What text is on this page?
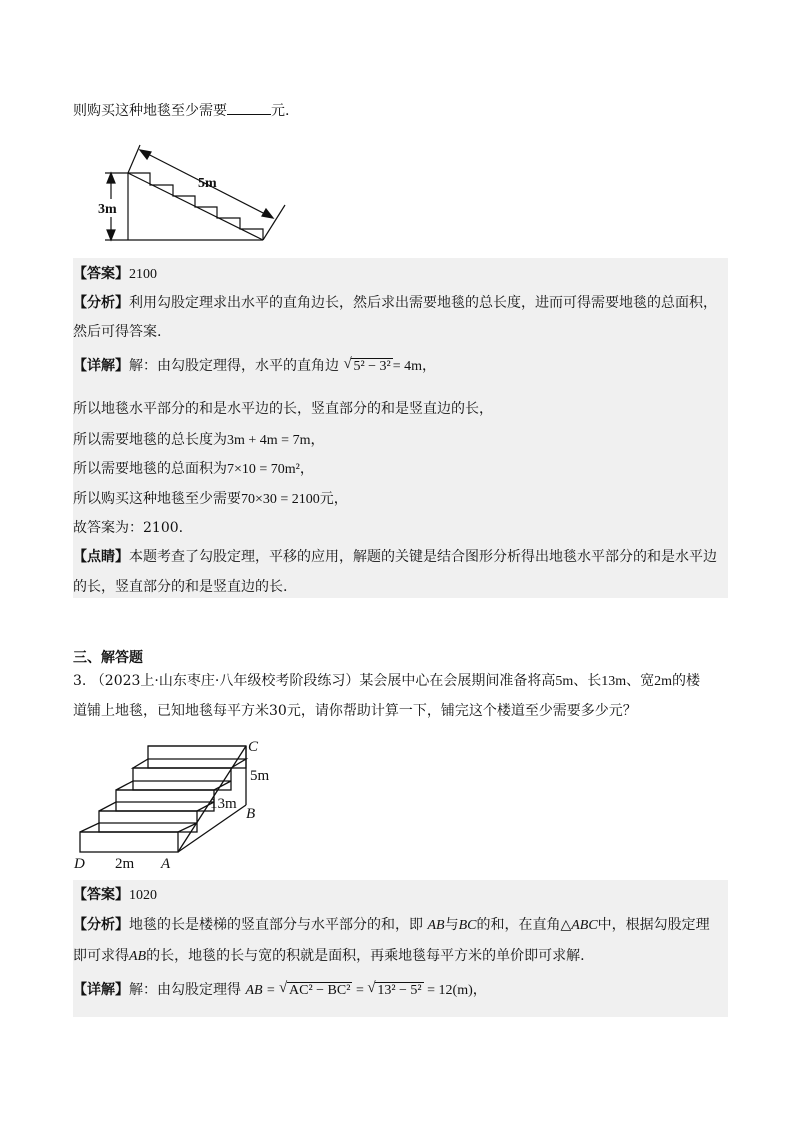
则购买这种地毯至少需要	元.
5m
3m
【答案】2100
【分析】利用勾股定理求出水平的直角边长，然后求出需要地毯的总长度，进而可得需要地毯的总面积，
然后可得答案.
【详解】解：由勾股定理得，水平的直角边 √ 5² − 3² = 4m，
所以地毯水平部分的和是水平边的长，竖直部分的和是竖直边的长，
所以需要地毯的总长度为3m + 4m = 7m，
所以需要地毯的总面积为7×10 = 70m²，
所以购买这种地毯至少需要70×30 = 2100元，
故答案为：2100.
【点睛】本题考查了勾股定理，平移的应用，解题的关键是结合图形分析得出地毯水平部分的和是水平边
的长，竖直部分的和是竖直边的长.
三、解答题
3. （2023上·山东枣庄·八年级校考阶段练习）某会展中心在会展期间准备将高5m、长13m、宽2m的楼
道铺上地毯，已知地毯每平方米30元，请你帮助计算一下，铺完这个楼道至少需要多少元？
C
5m
13m
B
D 2m A
【答案】1020
【分析】地毯的长是楼梯的竖直部分与水平部分的和，即 AB与BC的和，在直角△ABC中，根据勾股定理
即可求得AB的长，地毯的长与宽的积就是面积，再乘地毯每平方米的单价即可求解.
【详解】解：由勾股定理得 AB = √ AC² − BC² = √ 13² − 5² = 12(m)，
